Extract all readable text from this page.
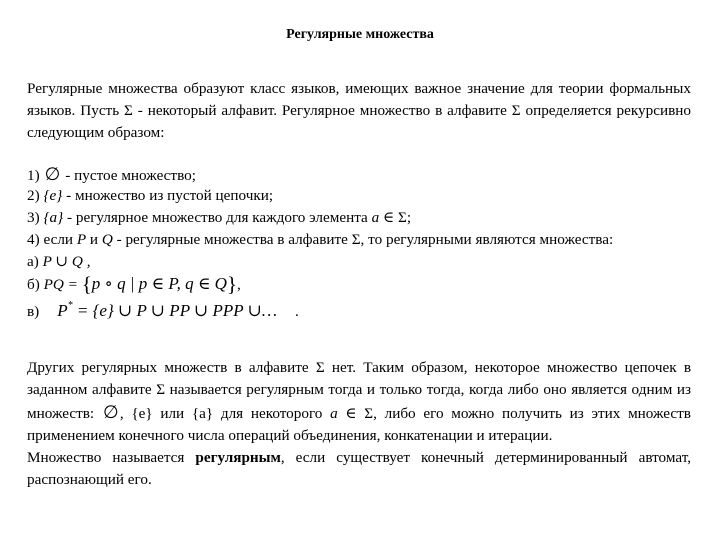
Регулярные множества
Регулярные множества образуют класс языков, имеющих важное значение для теории формальных языков. Пусть Σ - некоторый алфавит. Регулярное множество в алфавите Σ определяется рекурсивно следующим образом:
1) ∅ - пустое множество;
2) {e} - множество из пустой цепочки;
3) {a} - регулярное множество для каждого элемента a ∈ Σ;
4) если P и Q - регулярные множества в алфавите Σ, то регулярными являются множества:
а) P ∪ Q ,
б) PQ = {p ∘ q | p ∈ P, q ∈ Q},
в) P* = {e} ∪ P ∪ PP ∪ PPP ∪… .
Других регулярных множеств в алфавите Σ нет. Таким образом, некоторое множество цепочек в заданном алфавите Σ называется регулярным тогда и только тогда, когда либо оно является одним из множеств: ∅, {e} или {a} для некоторого a ∈ Σ, либо его можно получить из этих множеств применением конечного числа операций объединения, конкатенации и итерации.
Множество называется регулярным, если существует конечный детерминированный автомат, распознающий его.
